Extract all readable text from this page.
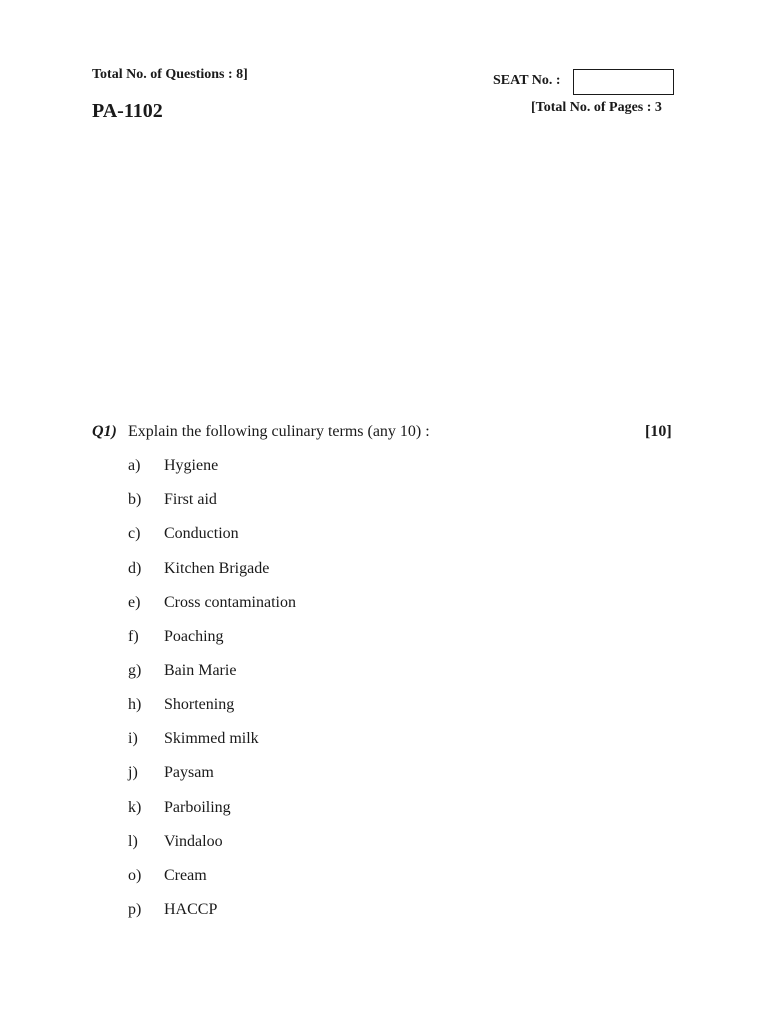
Total No. of Questions : 8]
PA-1102
SEAT No. :
[Total No. of Pages : 3
Q1) Explain the following culinary terms (any 10) :	[10]
a) Hygiene
b) First aid
c) Conduction
d) Kitchen Brigade
e) Cross contamination
f) Poaching
g) Bain Marie
h) Shortening
i) Skimmed milk
j) Paysam
k) Parboiling
l) Vindaloo
o) Cream
p) HACCP
